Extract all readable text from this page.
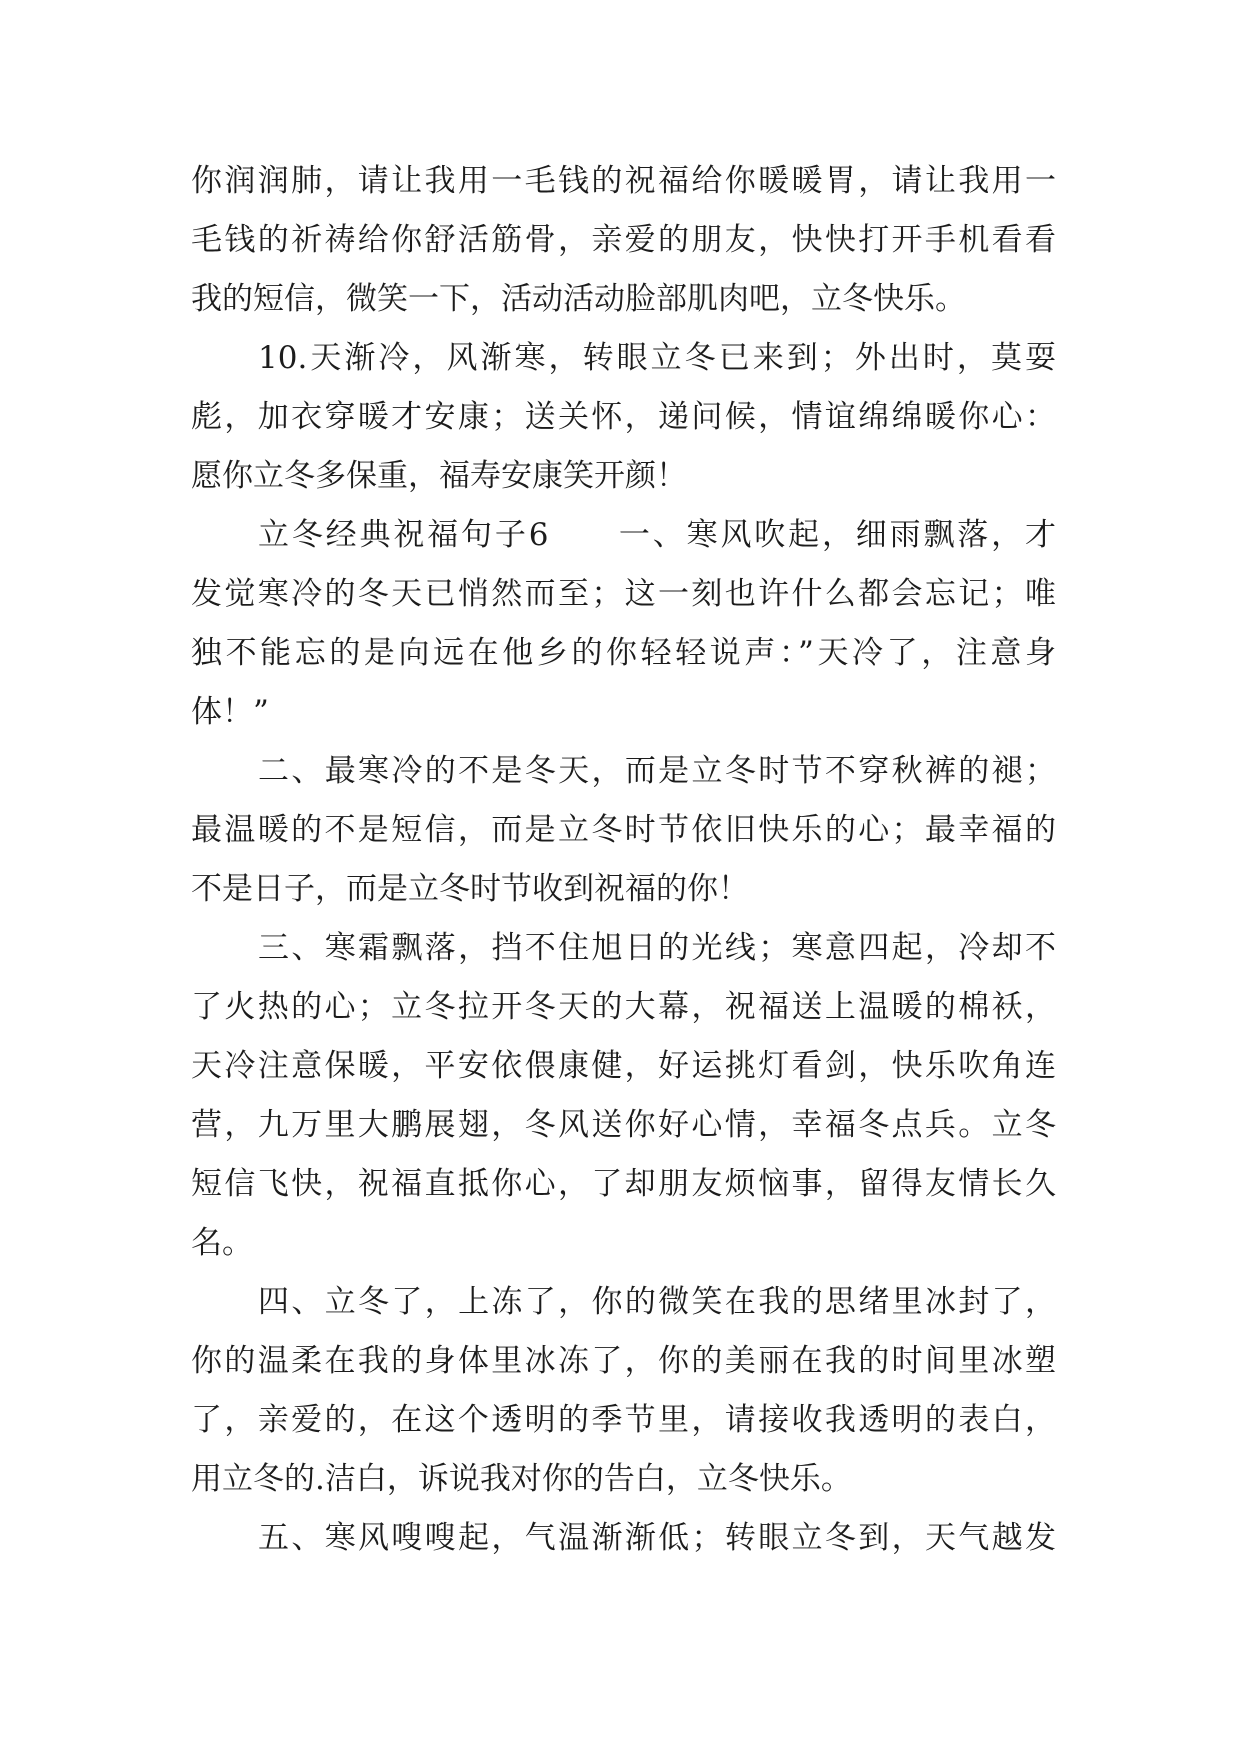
你润润肺，请让我用一毛钱的祝福给你暖暖胃，请让我用一
毛钱的祈祷给你舒活筋骨，亲爱的朋友，快快打开手机看看
我的短信，微笑一下，活动活动脸部肌肉吧，立冬快乐。
10.天渐冷，风渐寒，转眼立冬已来到；外出时，莫耍
彪，加衣穿暖才安康；送关怀，递问候，情谊绵绵暖你心：
愿你立冬多保重，福寿安康笑开颜！
立冬经典祝福句子6　　一、寒风吹起，细雨飘落，才
发觉寒冷的冬天已悄然而至；这一刻也许什么都会忘记；唯
独不能忘的是向远在他乡的你轻轻说声：”天冷了，注意身
体！”
二、最寒冷的不是冬天，而是立冬时节不穿秋裤的褪；
最温暖的不是短信，而是立冬时节依旧快乐的心；最幸福的
不是日子，而是立冬时节收到祝福的你！
三、寒霜飘落，挡不住旭日的光线；寒意四起，冷却不
了火热的心；立冬拉开冬天的大幕，祝福送上温暖的棉袄，
天冷注意保暖，平安依偎康健，好运挑灯看剑，快乐吹角连
营，九万里大鹏展翅，冬风送你好心情，幸福冬点兵。立冬
短信飞快，祝福直抵你心，了却朋友烦恼事，留得友情长久
名。
四、立冬了，上冻了，你的微笑在我的思绪里冰封了，
你的温柔在我的身体里冰冻了，你的美丽在我的时间里冰塑
了，亲爱的，在这个透明的季节里，请接收我透明的表白，
用立冬的.洁白，诉说我对你的告白，立冬快乐。
五、寒风嗖嗖起，气温渐渐低；转眼立冬到，天气越发
